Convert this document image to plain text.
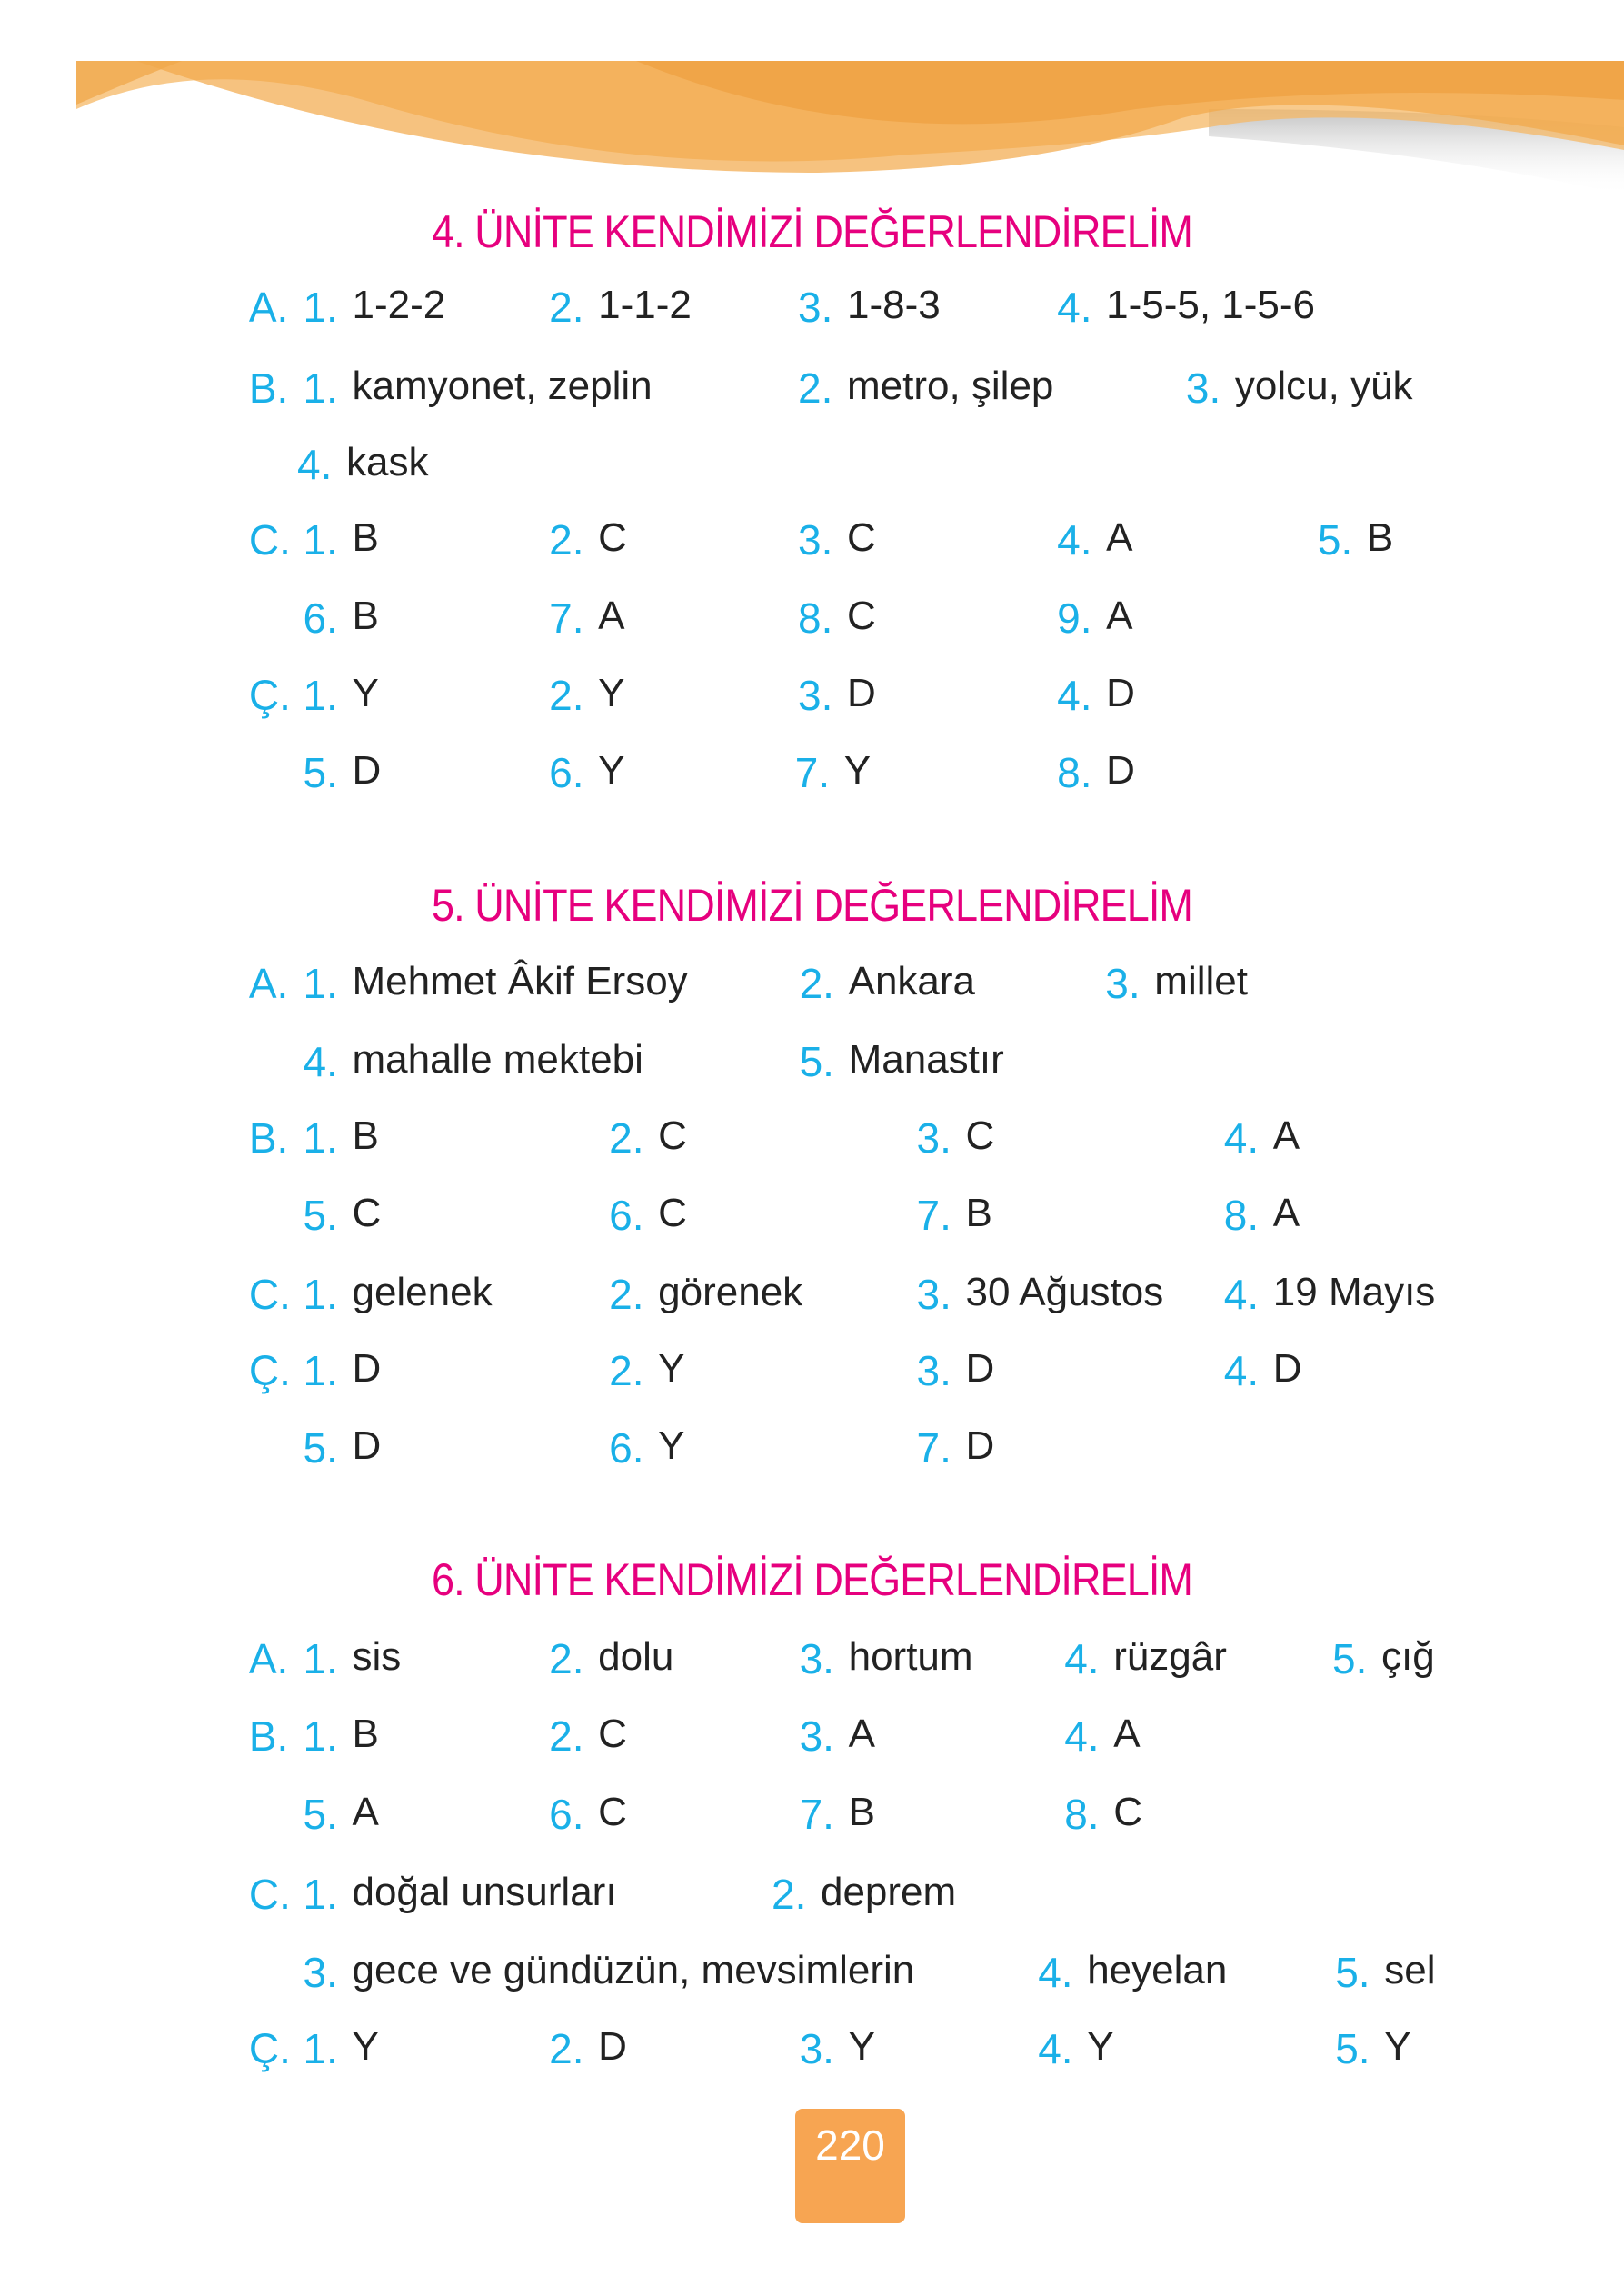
4. ÜNİTE KENDİMİZİ DEĞERLENDİRELİM
A. 1. 1-2-2 2. 1-1-2	3. 1-8-3	4. 1-5-5, 1-5-6
B. 1. kamyonet, zeplin	2. metro, şilep	3. yolcu, yük
4. kask
C. 1. B	2. C	3. C	4. A	5. B
6. B	7. A	8. C	9. A
Ç. 1. Y	2. Y	3. D	4. D
5. D	6. Y	7. Y	8. D
5. ÜNİTE KENDİMİZİ DEĞERLENDİRELİM
A. 1. Mehmet Âkif Ersoy	2. Ankara	3. millet
4. mahalle mektebi	5. Manastır
B. 1. B	2. C	3. C	4. A
5. C	6. C	7. B	8. A
C. 1. gelenek	2. görenek	3. 30 Ağustos 4. 19 Mayıs
Ç. 1. D	2. Y	3. D	4. D
5. D	6. Y	7. D
6. ÜNİTE KENDİMİZİ DEĞERLENDİRELİM
A. 1. sis	2. dolu	3. hortum 4. rüzgâr	5. çığ
B. 1. B	2. C	3. A	4. A
5. A	6. C	7. B	8. C
C. 1. doğal unsurları	2. deprem
3. gece ve gündüzün, mevsimlerin	4. heyelan	5. sel
Ç. 1. Y	2. D	3. Y	4. Y	5. Y
220
